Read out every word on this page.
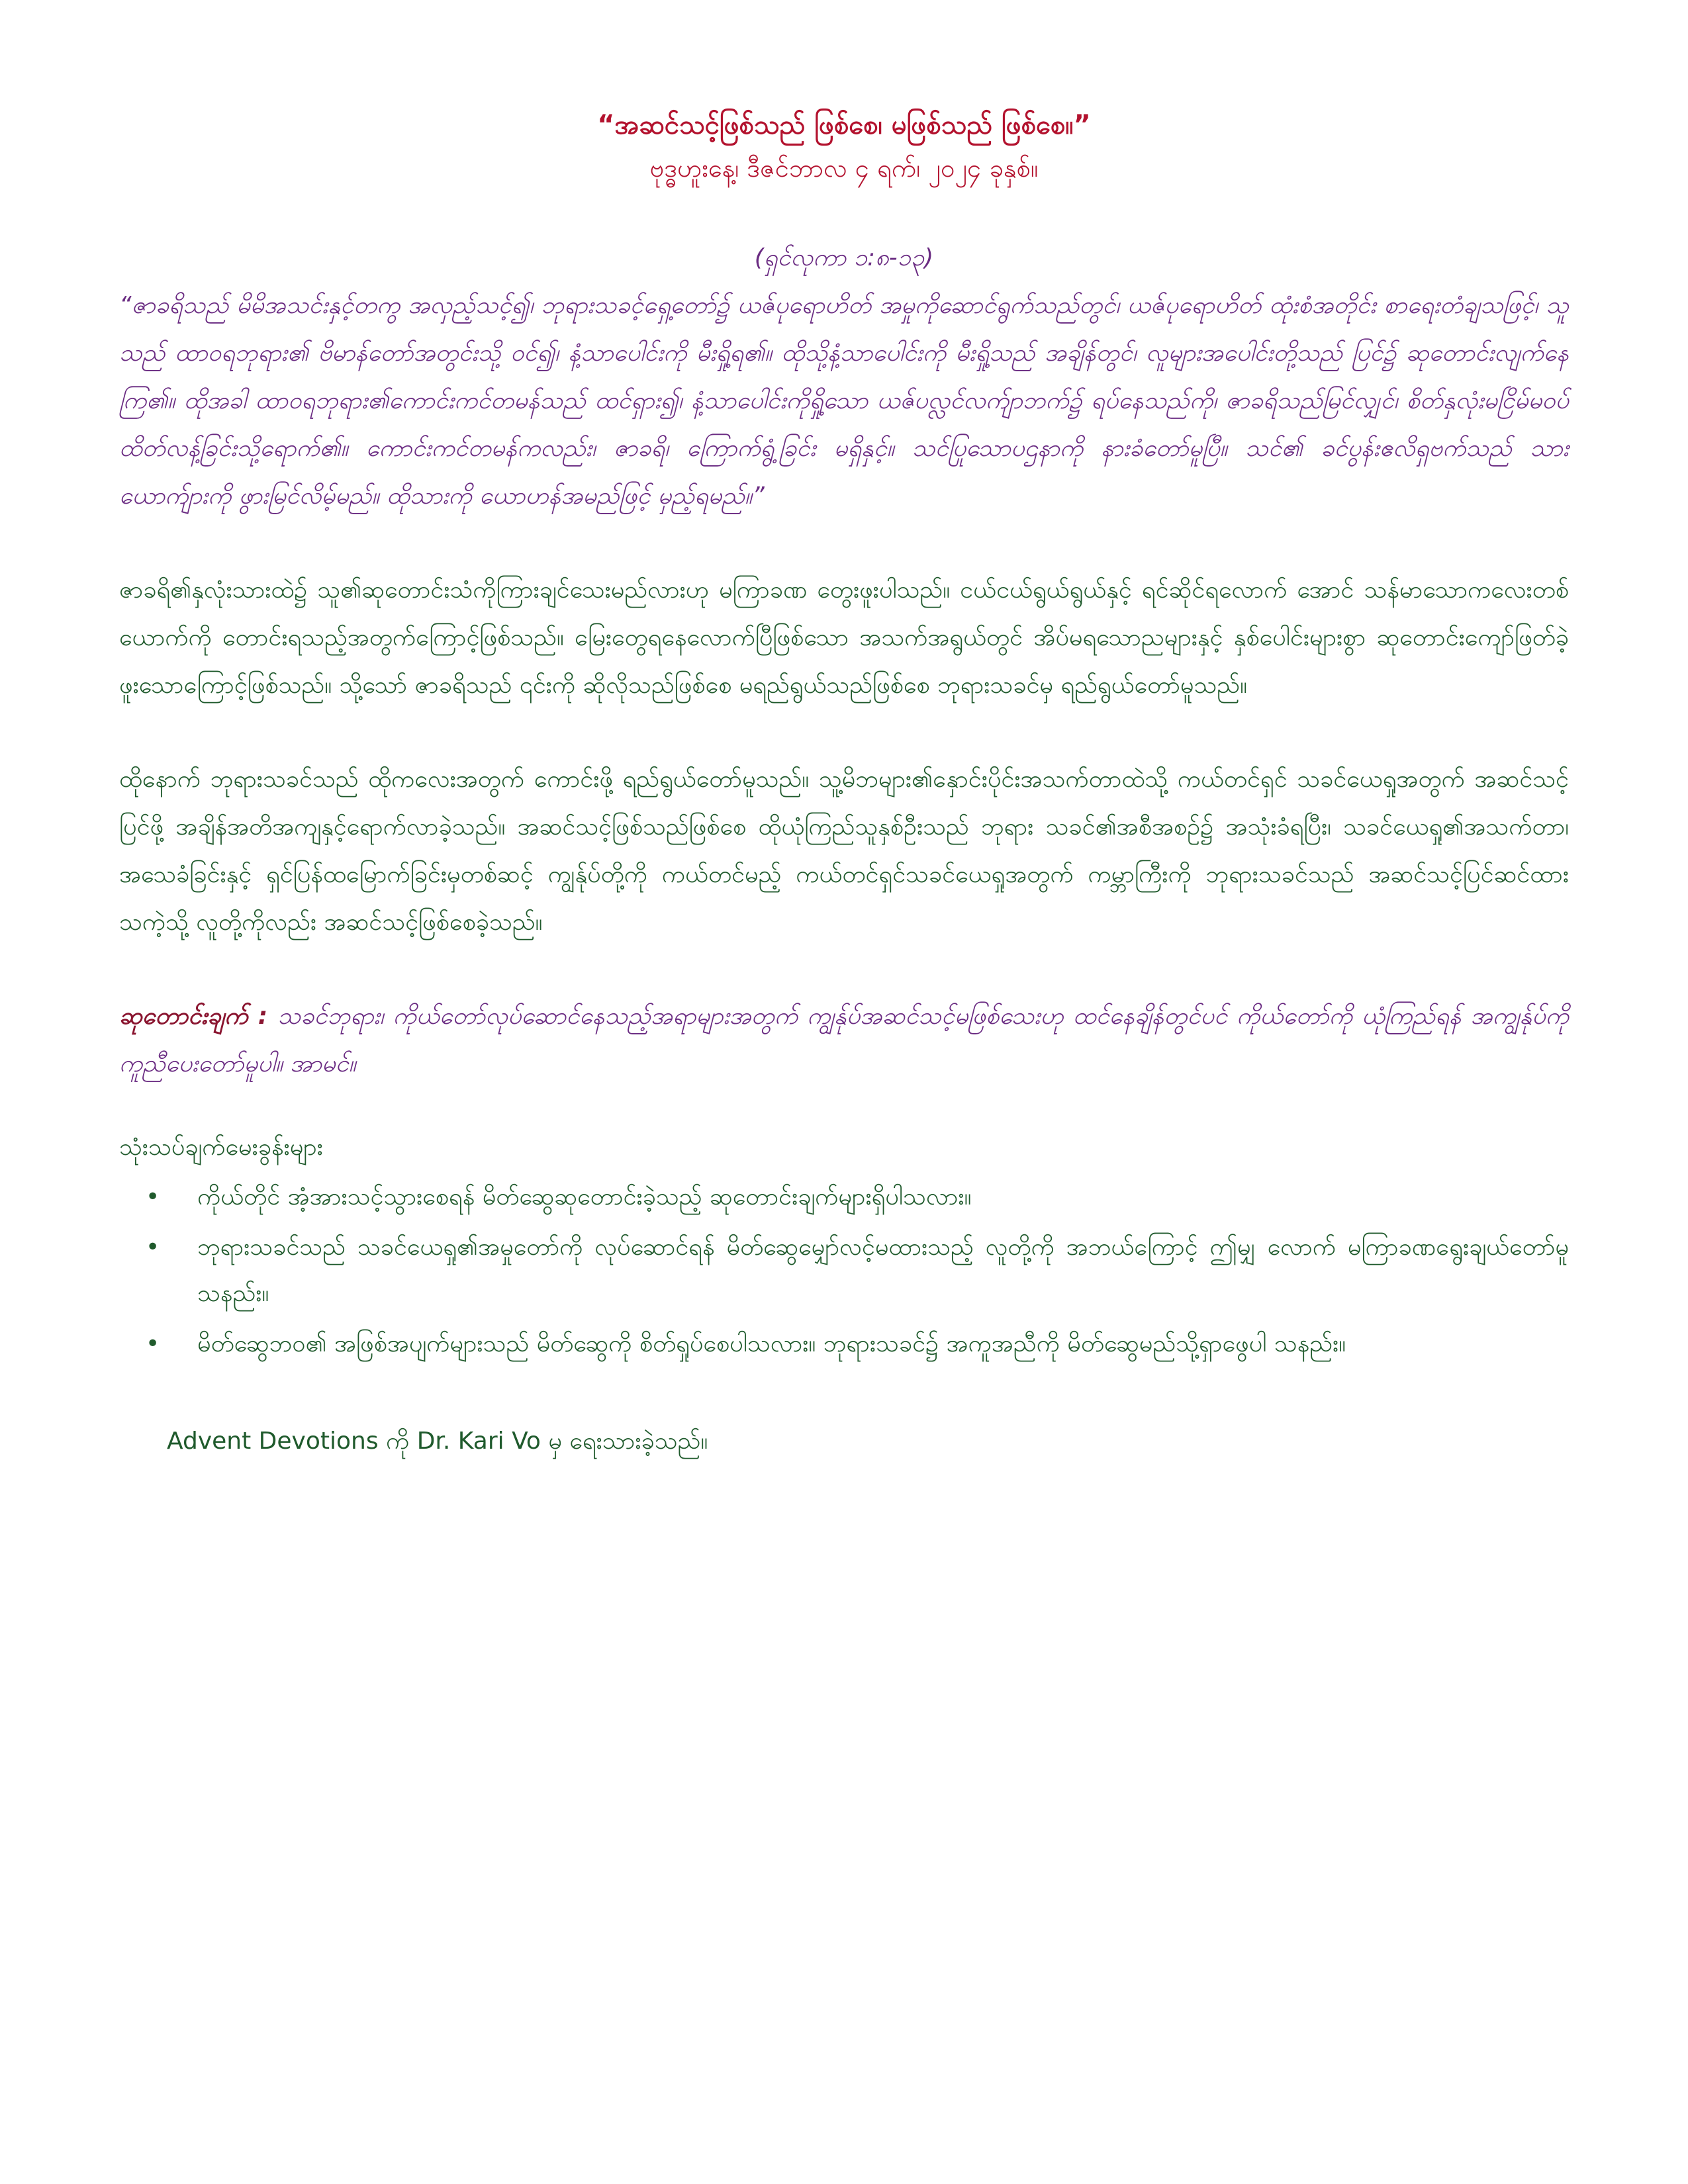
“အဆင်သင့်ဖြစ်သည် ဖြစ်စေ၊ မဖြစ်သည် ဖြစ်စေ။”
ဗုဒ္ဓဟူးနေ့၊ ဒီဇင်ဘာလ ၄ ရက်၊ ၂၀၂၄ ခုနှစ်။
(ရှင်လုကာ ၁:၈-၁၃)

“ဇာခရိသည် မိမိအသင်းနှင့်တကွ အလှည့်သင့်၍၊ ဘုရားသခင့်ရှေ့တော်၌ ယဇ်ပုရောဟိတ် အမှုကိုဆောင်ရွက်သည်တွင်၊ ယဇ်ပုရောဟိတ် ထုံးစံအတိုင်း စာရေးတံချသဖြင့်၊ သူသည် ထာဝရဘုရား၏ ဗိမာန်တော်အတွင်းသို့ ဝင်၍၊ နံ့သာပေါင်းကို မီးရှို့ရ၏။ ထိုသို့နံ့သာပေါင်းကို မီးရှို့သည် အချိန်တွင်၊ လူများအပေါင်းတို့သည် ပြင်၌ ဆုတောင်းလျက်နေကြ၏။ ထိုအခါ ထာဝရဘုရား၏ကောင်းကင်တမန်သည် ထင်ရှား၍၊ နံ့သာပေါင်းကိုရှို့သော ယဇ်ပလ္လင်လက်ျာဘက်၌ ရပ်နေသည်ကို၊ ဇာခရိသည်မြင်လျှင်၊ စိတ်နှလုံးမငြိမ်မဝပ် ထိတ်လန့်ခြင်းသို့ရောက်၏။ ကောင်းကင်တမန်ကလည်း၊ ဇာခရိ၊ ကြောက်ရွံ့ခြင်း မရှိနှင့်။ သင်ပြုသောပဌနာကို နားခံတော်မူပြီ။ သင်၏ ခင်ပွန်းဧလိရှဗက်သည် သား ယောက်ျားကို ဖွားမြင်လိမ့်မည်။ ထိုသားကို ယောဟန်အမည်ဖြင့် မှည့်ရမည်။”

ဇာခရိ၏နှလုံးသားထဲ၌ သူ၏ဆုတောင်းသံကိုကြားချင်သေးမည်လားဟု မကြာခဏ တွေးဖူးပါသည်။ ငယ်ငယ်ရွယ်ရွယ်နှင့် ရင်ဆိုင်ရလောက် အောင် သန်မာသောကလေးတစ်ယောက်ကို တောင်းရသည့်အတွက်ကြောင့်ဖြစ်သည်။ မြေးတွေရနေလောက်ပြီဖြစ်သော အသက်အရွယ်တွင် အိပ်မရသောညများနှင့် နှစ်ပေါင်းများစွာ ဆုတောင်းကျော်ဖြတ်ခဲ့ဖူးသောကြောင့်ဖြစ်သည်။ သို့သော် ဇာခရိသည် ၎င်းကို ဆိုလိုသည်ဖြစ်စေ မရည်ရွယ်သည်ဖြစ်စေ ဘုရားသခင်မှ ရည်ရွယ်တော်မူသည်။

ထိုနောက် ဘုရားသခင်သည် ထိုကလေးအတွက် ကောင်းဖို့ ရည်ရွယ်တော်မူသည်။ သူ့မိဘများ၏နှောင်းပိုင်းအသက်တာထဲသို့ ကယ်တင်ရှင် သခင်ယေရှုအတွက် အဆင်သင့်ပြင်ဖို့ အချိန်အတိအကျနှင့်ရောက်လာခဲ့သည်။ အဆင်သင့်ဖြစ်သည်ဖြစ်စေ ထိုယုံကြည်သူနှစ်ဦးသည် ဘုရား သခင်၏အစီအစဉ်၌ အသုံးခံရပြီး၊ သခင်ယေရှု၏အသက်တာ၊ အသေခံခြင်းနှင့် ရှင်ပြန်ထမြောက်ခြင်းမှတစ်ဆင့် ကျွန်ုပ်တို့ကို ကယ်တင်မည့် ကယ်တင်ရှင်သခင်ယေရှုအတွက် ကမ္ဘာကြီးကို ဘုရားသခင်သည် အဆင်သင့်ပြင်ဆင်ထားသကဲ့သို့ လူတို့ကိုလည်း အဆင်သင့်ဖြစ်စေခဲ့သည်။

ဆုတောင်းချက် : သခင်ဘုရား၊ ကိုယ်တော်လုပ်ဆောင်နေသည့်အရာများအတွက် ကျွန်ုပ်အဆင်သင့်မဖြစ်သေးဟု ထင်နေချိန်တွင်ပင် ကိုယ်တော်ကို ယုံကြည်ရန် အကျွန်ုပ်ကို ကူညီပေးတော်မူပါ။ အာမင်။

သုံးသပ်ချက်မေးခွန်းများ
• ကိုယ်တိုင် အံ့အားသင့်သွားစေရန် မိတ်ဆွေဆုတောင်းခဲ့သည့် ဆုတောင်းချက်များရှိပါသလား။
• ဘုရားသခင်သည် သခင်ယေရှု၏အမှုတော်ကို လုပ်ဆောင်ရန် မိတ်ဆွေမျှော်လင့်မထားသည့် လူတို့ကို အဘယ်ကြောင့် ဤမျှ လောက် မကြာခဏရွေးချယ်တော်မူသနည်း။
• မိတ်ဆွေဘဝ၏ အဖြစ်အပျက်များသည် မိတ်ဆွေကို စိတ်ရှုပ်စေပါသလား။ ဘုရားသခင်၌ အကူအညီကို မိတ်ဆွေမည်သို့ရှာဖွေပါ သနည်း။
Advent Devotions ကို Dr. Kari Vo မှ ရေးသားခဲ့သည်။
